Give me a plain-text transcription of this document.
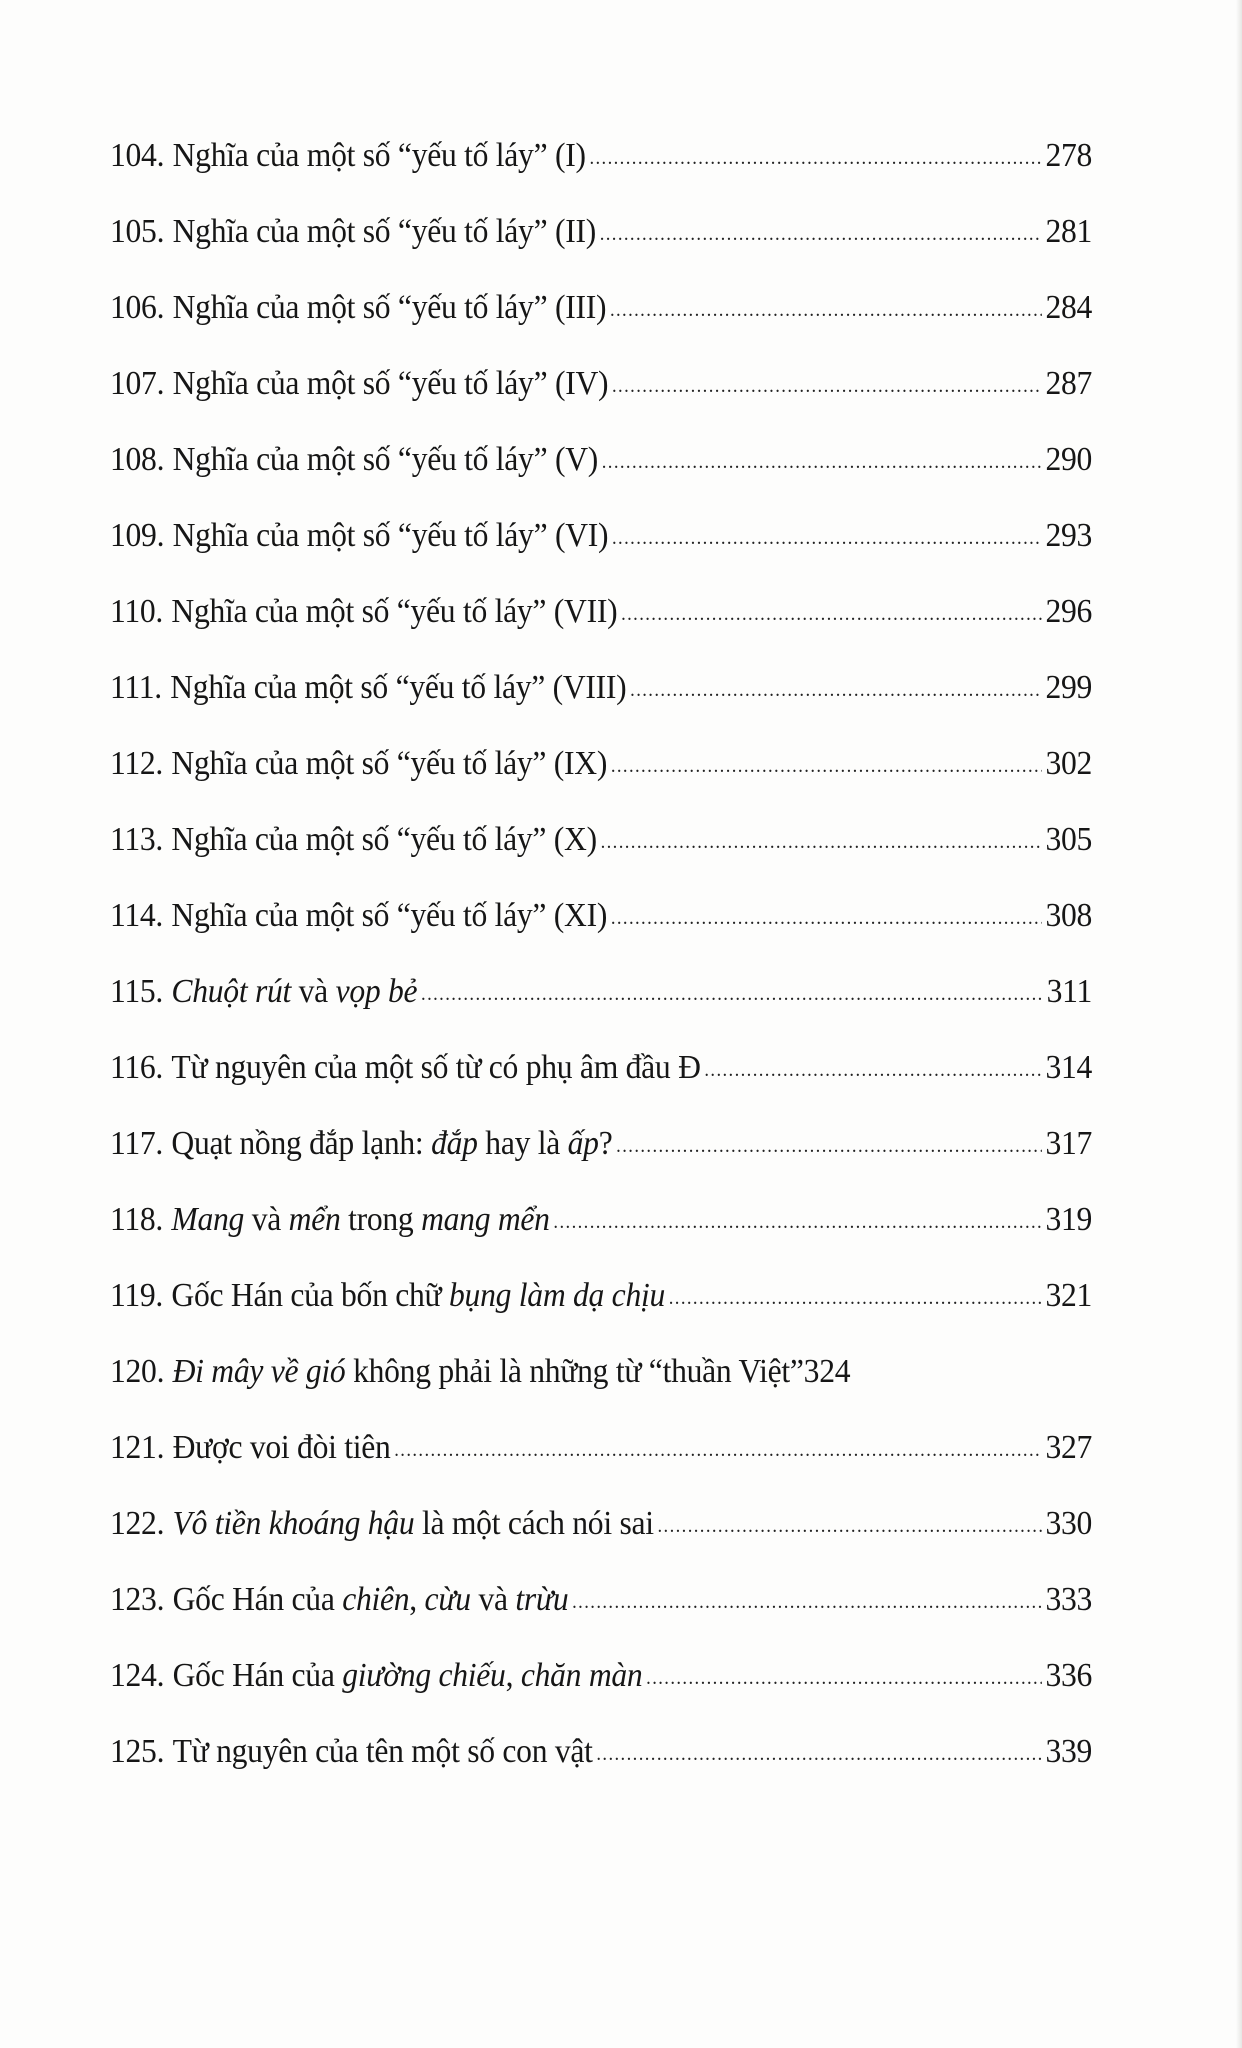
104. Nghĩa của một số “yếu tố láy” (I) .....	278
105. Nghĩa của một số “yếu tố láy” (II) .....	281
106. Nghĩa của một số “yếu tố láy” (III) .....	284
107. Nghĩa của một số “yếu tố láy” (IV) .....	287
108. Nghĩa của một số “yếu tố láy” (V) .....	290
109. Nghĩa của một số “yếu tố láy” (VI) .....	293
110. Nghĩa của một số “yếu tố láy” (VII) .....	296
111. Nghĩa của một số “yếu tố láy” (VIII) .....	299
112. Nghĩa của một số “yếu tố láy” (IX) .....	302
113. Nghĩa của một số “yếu tố láy” (X) .....	305
114. Nghĩa của một số “yếu tố láy” (XI) .....	308
115. Chuột rút và vọp bẻ .....	311
116. Từ nguyên của một số từ có phụ âm đầu Đ .....	314
117. Quạt nồng đắp lạnh: đắp hay là ấp? .....	317
118. Mang và mển trong mang mển .....	319
119. Gốc Hán của bốn chữ bụng làm dạ chịu .....	321
120. Đi mây về gió không phải là những từ “thuần Việt” 324
121. Được voi đòi tiên .....	327
122. Vô tiền khoáng hậu là một cách nói sai .....	330
123. Gốc Hán của chiên, cừu và trừu .....	333
124. Gốc Hán của giường chiếu, chăn màn .....	336
125. Từ nguyên của tên một số con vật .....	339
